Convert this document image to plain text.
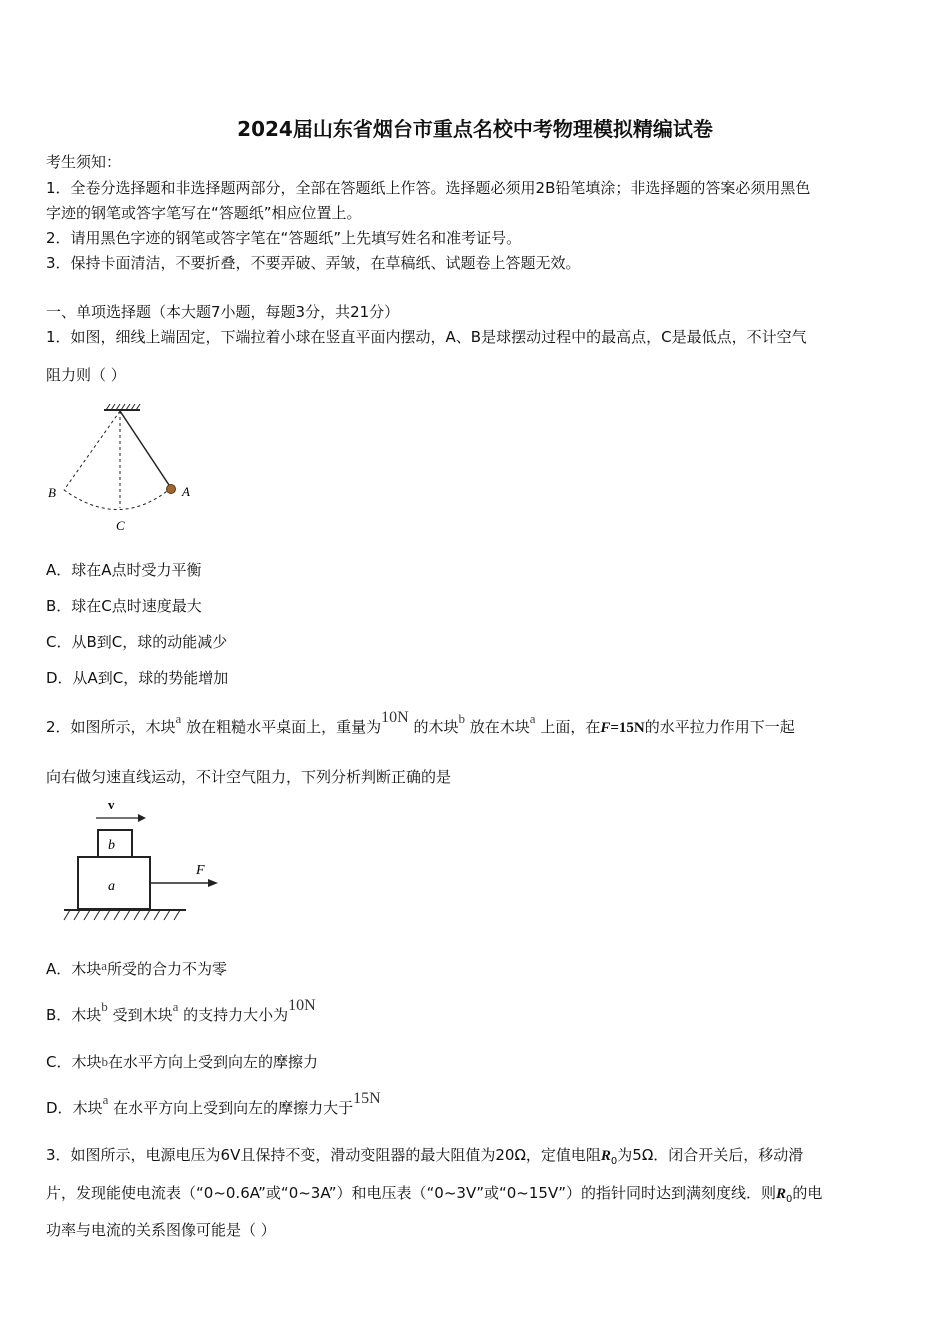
2024届山东省烟台市重点名校中考物理模拟精编试卷
考生须知：
1．全卷分选择题和非选择题两部分，全部在答题纸上作答。选择题必须用2B铅笔填涂；非选择题的答案必须用黑色
字迹的钢笔或答字笔写在“答题纸”相应位置上。
2．请用黑色字迹的钢笔或答字笔在“答题纸”上先填写姓名和准考证号。
3．保持卡面清洁，不要折叠，不要弄破、弄皱，在草稿纸、试题卷上答题无效。
一、单项选择题（本大题7小题，每题3分，共21分）
1．如图，细线上端固定，下端拉着小球在竖直平面内摆动，A、B是球摆动过程中的最高点，C是最低点，不计空气
阻力则（ ）
A
B
C
A．球在A点时受力平衡
B．球在C点时速度最大
C．从B到C，球的动能减少
D．从A到C，球的势能增加
2．如图所示，木块a 放在粗糙水平桌面上，重量为10N 的木块b 放在木块a 上面，在F=15N的水平拉力作用下一起
向右做匀速直线运动，不计空气阻力，下列分析判断正确的是
v
b
a
F
A．木块a所受的合力不为零
B．木块b 受到木块a 的支持力大小为10N
C．木块b在水平方向上受到向左的摩擦力
D．木块a 在水平方向上受到向左的摩擦力大于15N
3．如图所示，电源电压为6V且保持不变，滑动变阻器的最大阻值为20Ω，定值电阻$R_0$为5Ω．闭合开关后，移动滑
片，发现能使电流表（“0~0.6A”或“0~3A”）和电压表（“0~3V”或“0~15V”）的指针同时达到满刻度线．则$R_0$的电
功率与电流的关系图像可能是（ ）
